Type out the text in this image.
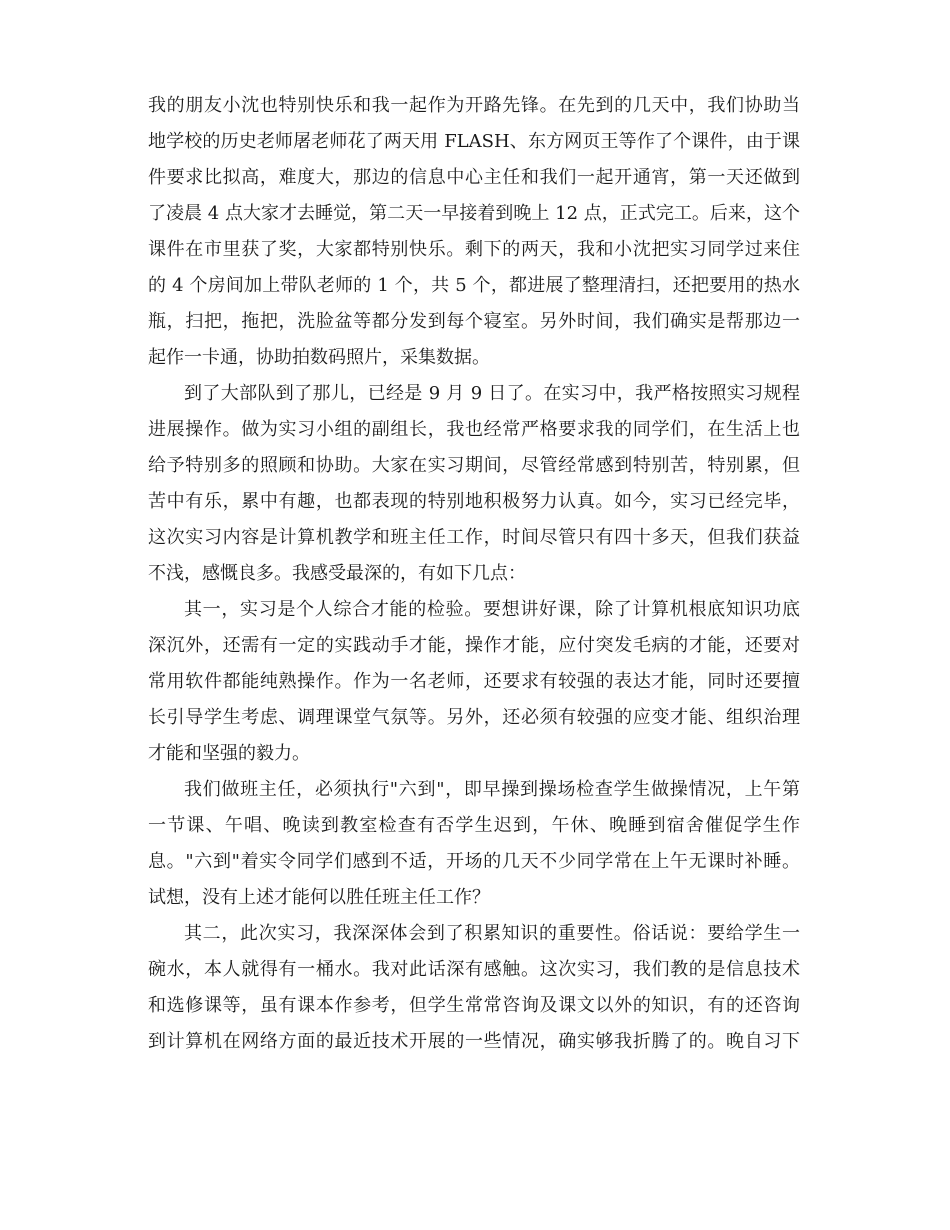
我的朋友小沈也特别快乐和我一起作为开路先锋。在先到的几天中，我们协助当
地学校的历史老师屠老师花了两天用 FLASH、东方网页王等作了个课件，由于课
件要求比拟高，难度大，那边的信息中心主任和我们一起开通宵，第一天还做到
了凌晨 4 点大家才去睡觉，第二天一早接着到晚上 12 点，正式完工。后来，这个
课件在市里获了奖，大家都特别快乐。剩下的两天，我和小沈把实习同学过来住
的 4 个房间加上带队老师的 1 个，共 5 个，都进展了整理清扫，还把要用的热水
瓶，扫把，拖把，洗脸盆等都分发到每个寝室。另外时间，我们确实是帮那边一
起作一卡通，协助拍数码照片，采集数据。
到了大部队到了那儿，已经是 9 月 9 日了。在实习中，我严格按照实习规程
进展操作。做为实习小组的副组长，我也经常严格要求我的同学们，在生活上也
给予特别多的照顾和协助。大家在实习期间，尽管经常感到特别苦，特别累，但
苦中有乐，累中有趣，也都表现的特别地积极努力认真。如今，实习已经完毕，
这次实习内容是计算机教学和班主任工作，时间尽管只有四十多天，但我们获益
不浅，感慨良多。我感受最深的，有如下几点：
其一，实习是个人综合才能的检验。要想讲好课，除了计算机根底知识功底
深沉外，还需有一定的实践动手才能，操作才能，应付突发毛病的才能，还要对
常用软件都能纯熟操作。作为一名老师，还要求有较强的表达才能，同时还要擅
长引导学生考虑、调理课堂气氛等。另外，还必须有较强的应变才能、组织治理
才能和坚强的毅力。
我们做班主任，必须执行"六到"，即早操到操场检查学生做操情况，上午第
一节课、午唱、晚读到教室检查有否学生迟到，午休、晚睡到宿舍催促学生作
息。"六到"着实令同学们感到不适，开场的几天不少同学常在上午无课时补睡。
试想，没有上述才能何以胜任班主任工作？
其二，此次实习，我深深体会到了积累知识的重要性。俗话说：要给学生一
碗水，本人就得有一桶水。我对此话深有感触。这次实习，我们教的是信息技术
和选修课等，虽有课本作参考，但学生常常咨询及课文以外的知识，有的还咨询
到计算机在网络方面的最近技术开展的一些情况，确实够我折腾了的。晚自习下
